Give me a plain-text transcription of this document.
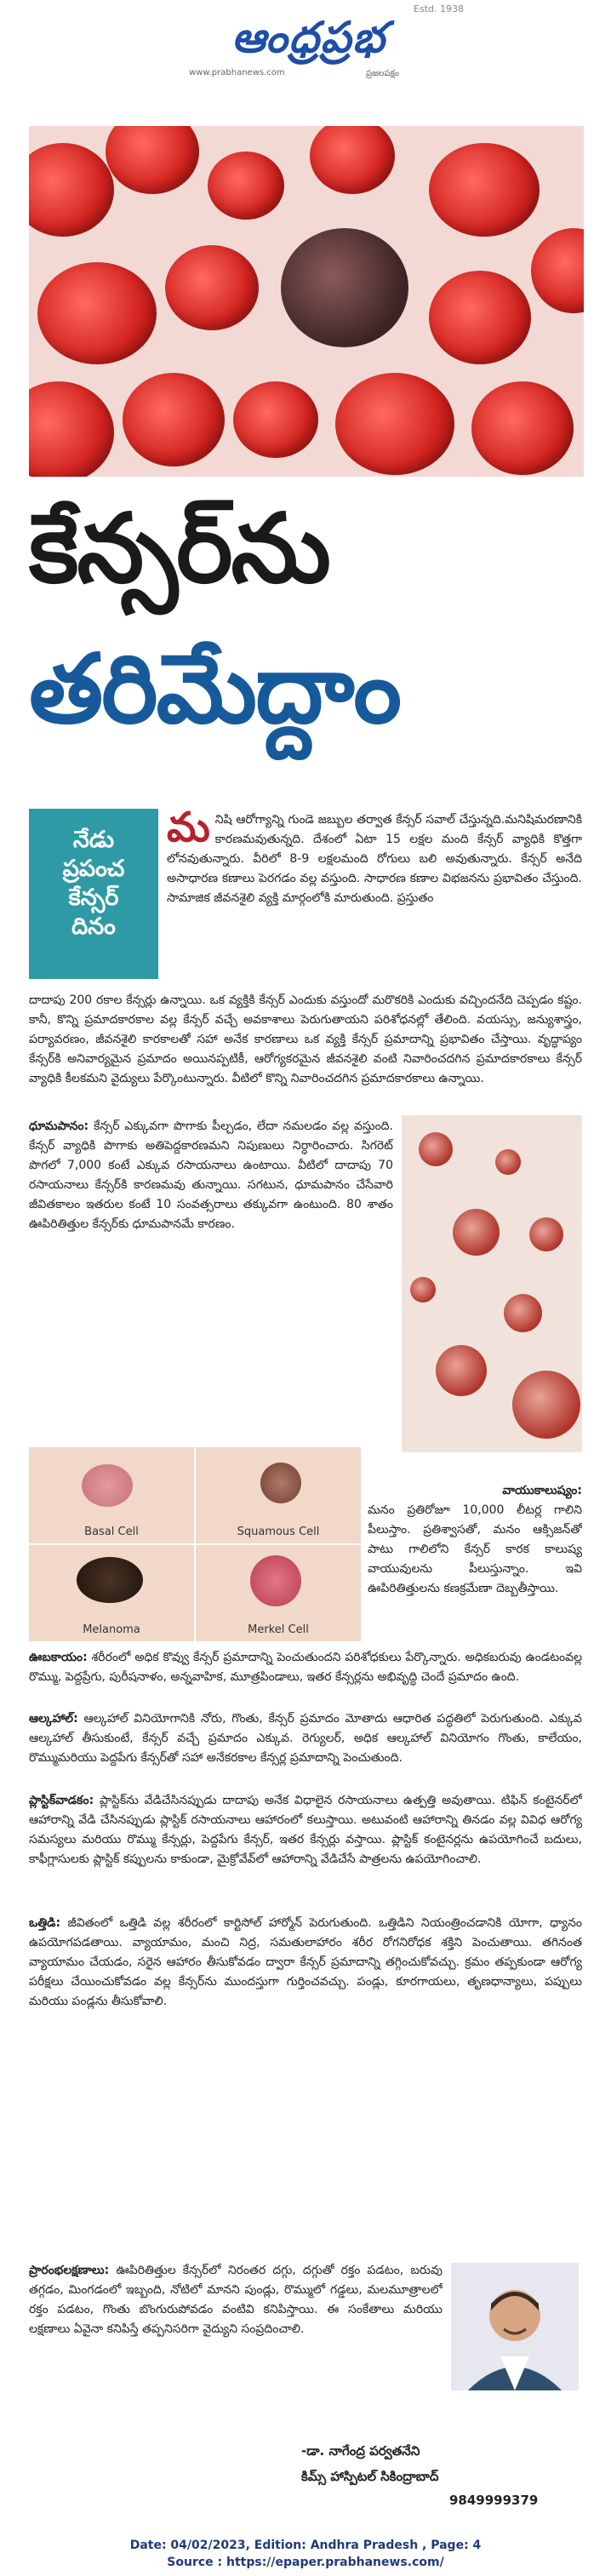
ఆంధ్రప్రభ
Estd. 1938
www.prabhanews.com	ప్రజలపక్షం
కేన్సర్‌ను
తరిమేద్దాం
నేడు
ప్రపంచ
కేన్సర్
దినం
మనిషి ఆరోగ్యాన్ని గుండె జబ్బుల తర్వాత కేన్సర్ సవాల్ చేస్తున్నది.మనిషిమరణానికి కారణమవుతున్నది. దేశంలో ఏటా 15 లక్షల మంది కేన్సర్ వ్యాధికి కొత్తగా లోనవుతున్నారు. వీరిలో 8-9 లక్షలమంది రోగులు బలి అవుతున్నారు. కేన్సర్ అనేది అసాధారణ కణాలు పెరగడం వల్ల వస్తుంది. సాధారణ కణాల విభజనను ప్రభావితం చేస్తుంది. సామాజిక జీవనశైలి వ్యక్తి మార్గంలోకి మారుతుంది. ప్రస్తుతం
దాదాపు 200 రకాల కేన్సర్లు ఉన్నాయి. ఒక వ్యక్తికి కేన్సర్ ఎందుకు వస్తుందో మరొకరికి ఎందుకు వచ్చిందనేది చెప్పడం కష్టం. కానీ, కొన్ని ప్రమాదకారకాల వల్ల కేన్సర్ వచ్చే అవకాశాలు పెరుగుతాయని పరిశోధనల్లో తేలింది. వయస్సు, జన్యుశాస్త్రం, పర్యావరణం, జీవనశైలి కారకాలతో సహా అనేక కారణాలు ఒక వ్యక్తి కేన్సర్ ప్రమాదాన్ని ప్రభావితం చేస్తాయి. వృద్ధాప్యం కేన్సర్‌కి అనివార్యమైన ప్రమాదం అయినప్పటికీ, ఆరోగ్యకరమైన జీవనశైలి వంటి నివారించదగిన ప్రమాదకారకాలు కేన్సర్ వ్యాధికి కీలకమని వైద్యులు పేర్కొంటున్నారు. వీటిలో కొన్ని నివారించదగిన ప్రమాదకారకాలు ఉన్నాయి.
ధూమపానం: కేన్సర్ ఎక్కువగా పొగాకు పీల్చడం, లేదా నమలడం వల్ల వస్తుంది. కేన్సర్ వ్యాధికి పొగాకు అతిపెద్దకారణమని నిపుణులు నిర్ధారించారు. సిగరెట్ పొగలో 7,000 కంటే ఎక్కువ రసాయనాలు ఉంటాయి. వీటిలో దాదాపు 70 రసాయనాలు కేన్సర్‌కి కారణమవు తున్నాయి. సగటున, ధూమపానం చేసేవారి జీవితకాలం ఇతరుల కంటే 10 సంవత్సరాలు తక్కువగా ఉంటుంది. 80 శాతం ఊపిరితిత్తుల కేన్సర్‌కు ధూమపానమే కారణం.
Basal Cell	Squamous Cell
Melanoma	Merkel Cell
వాయుకాలుష్యం:
మనం ప్రతిరోజూ 10,000 లీటర్ల గాలిని పీలుస్తాం. ప్రతిశ్వాసతో, మనం ఆక్సిజన్‌తో పాటు గాలిలోని కేన్సర్ కారక కాలుష్య వాయువులను పీలుస్తున్నాం. ఇవి ఊపిరితిత్తులను కణక్రమేణా దెబ్బతీస్తాయి.
ఊబకాయం: శరీరంలో అధిక కొవ్వు కేన్సర్ ప్రమాదాన్ని పెంచుతుందని పరిశోధకులు పేర్కొన్నారు. అధికబరువు ఉండటంవల్ల రొమ్ము, పెద్దప్రేగు, పురీషనాళం, అన్నవాహిక, మూత్రపిండాలు, ఇతర కేన్సర్లను అభివృద్ధి చెందే ప్రమాదం ఉంది.
ఆల్కహాల్: ఆల్కహాల్ వినియోగానికి నోరు, గొంతు, కేన్సర్ ప్రమాదం మోతాదు ఆధారిత పద్ధతిలో పెరుగుతుంది. ఎక్కువ ఆల్కహాల్ తీసుకుంటే, కేన్సర్ వచ్చే ప్రమాదం ఎక్కువ. రెగ్యులర్, అధిక ఆల్కహాల్ వినియోగం గొంతు, కాలేయం, రొమ్ముమరియు పెద్దపేగు కేన్సర్‌తో సహా అనేకరకాల కేన్సర్ల ప్రమాదాన్ని పెంచుతుంది.
ప్లాస్టిక్‌వాడకం: ప్లాస్టిక్‌ను వేడిచేసినప్పుడు దాదాపు అనేక విధాలైన రసాయనాలు ఉత్పత్తి అవుతాయి. టిఫిన్ కంటైనర్‌లో ఆహారాన్ని వేడి చేసినప్పుడు ప్లాస్టిక్ రసాయనాలు ఆహారంలో కలుస్తాయి. అటువంటి ఆహారాన్ని తినడం వల్ల వివిధ ఆరోగ్య సమస్యలు మరియు రొమ్ము కేన్సర్లు, పెద్దపేగు కేన్సర్, ఇతర కేన్సర్లు వస్తాయి. ప్లాస్టిక్ కంటైనర్లను ఉపయోగించే బదులు, కాఫీగ్లాసులకు ప్లాస్టిక్ కప్పులను కాకుండా, మైక్రోవేవ్‌లో ఆహారాన్ని వేడిచేసే పాత్రలను ఉపయోగించాలి.
ఒత్తిడి: జీవితంలో ఒత్తిడి వల్ల శరీరంలో కార్టిసోల్ హార్మోన్ పెరుగుతుంది. ఒత్తిడిని నియంత్రించడానికి యోగా, ధ్యానం ఉపయోగపడతాయి. వ్యాయామం, మంచి నిద్ర, సమతులాహారం శరీర రోగనిరోధక శక్తిని పెంచుతాయి. తగినంత వ్యాయామం చేయడం, సరైన ఆహారం తీసుకోవడం ద్వారా కేన్సర్ ప్రమాదాన్ని తగ్గించుకోవచ్చు. క్రమం తప్పకుండా ఆరోగ్య పరీక్షలు చేయించుకోవడం వల్ల కేన్సర్‌ను ముందస్తుగా గుర్తించవచ్చు. పండ్లు, కూరగాయలు, తృణధాన్యాలు, పప్పులు మరియు పండ్లను తీసుకోవాలి.
ప్రారంభలక్షణాలు: ఊపిరితిత్తుల కేన్సర్‌లో నిరంతర దగ్గు, దగ్గుతో రక్తం పడటం, బరువు తగ్గడం, మింగడంలో ఇబ్బంది, నోటిలో మానని పుండ్లు, రొమ్ములో గడ్డలు, మలమూత్రాలలో రక్తం పడటం, గొంతు బొంగురుపోవడం వంటివి కనిపిస్తాయి. ఈ సంకేతాలు మరియు లక్షణాలు ఏవైనా కనిపిస్తే తప్పనిసరిగా వైద్యుని సంప్రదించాలి.
-డా. నాగేంద్ర పర్వతనేని
కిమ్స్ హాస్పిటల్ సికింద్రాబాద్
9849999379
Date: 04/02/2023, Edition: Andhra Pradesh , Page: 4
Source : https://epaper.prabhanews.com/
